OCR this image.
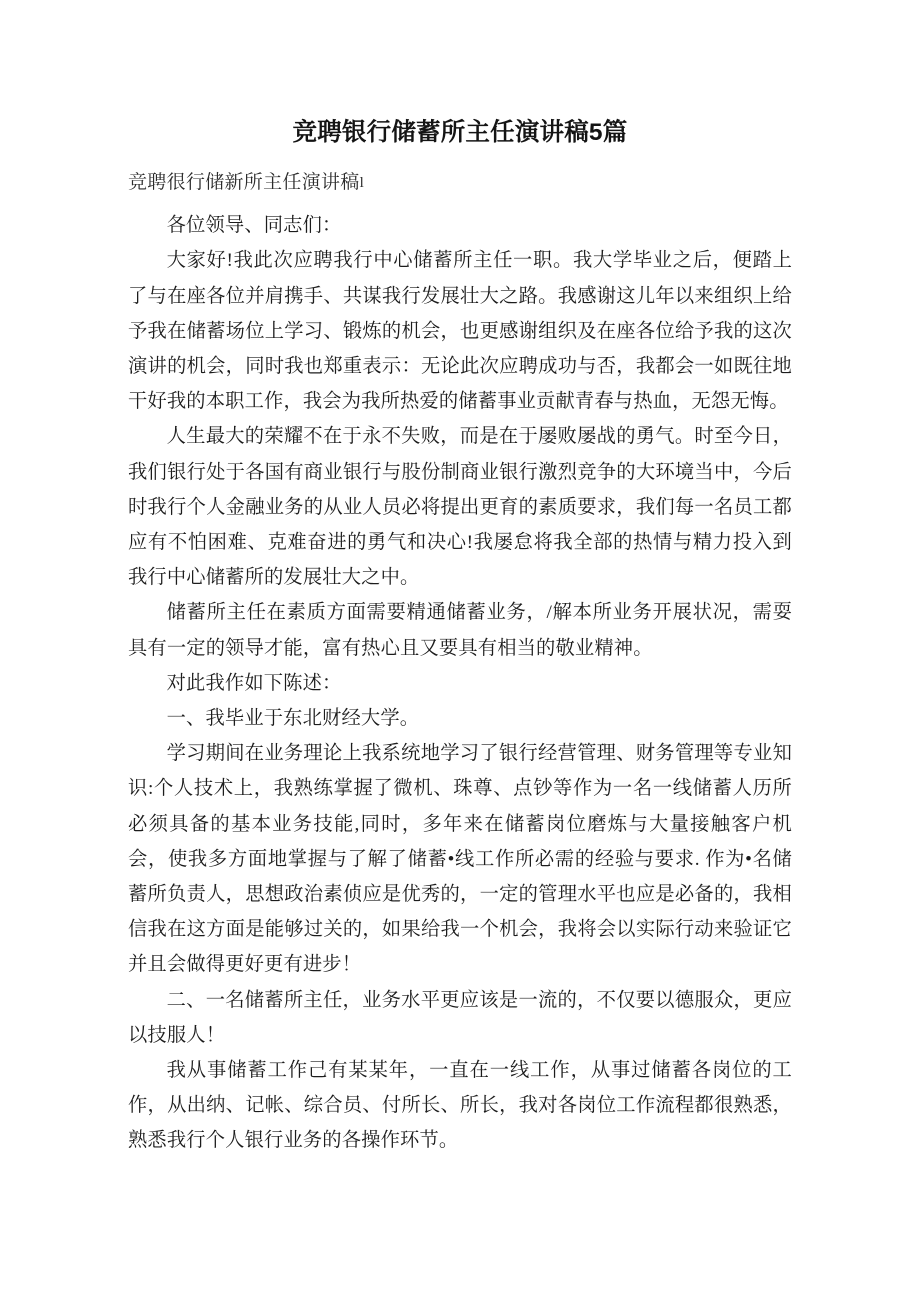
竞聘银行储蓄所主任演讲稿5篇
竞聘很行储新所主任演讲稿l

各位领导、同志们：

大家好!我此次应聘我行中心储蓄所主任一职。我大学毕业之后，便踏上了与在座各位并肩携手、共谋我行发展壮大之路。我感谢这儿年以来组织上给予我在储蓄场位上学习、锻炼的机会，也更感谢组织及在座各位给予我的这次演讲的机会，同时我也郑重表示：无论此次应聘成功与否，我都会一如既往地干好我的本职工作，我会为我所热爱的储蓄事业贡献青春与热血，无怨无悔。

人生最大的荣耀不在于永不失败，而是在于屡败屡战的勇气。时至今日，我们银行处于各国有商业银行与股份制商业银行激烈竞争的大环境当中，今后时我行个人金融业务的从业人员必将提出更育的素质要求，我们每一名员工都应有不怕困难、克难奋进的勇气和决心!我屡怠将我全部的热情与精力投入到我行中心储蓄所的发展壮大之中。

储蓄所主任在素质方面需要精通储蓄业务，/解本所业务开展状况，需耍具有一定的领导才能，富有热心且又要具有相当的敬业精神。

对此我作如下陈述：

一、我毕业于东北财经大学。

学习期间在业务理论上我系统地学习了银行经营管理、财务管理等专业知识:个人技术上，我熟练掌握了微机、珠尊、点钞等作为一名一线储蓄人历所必须具备的基本业务技能,同时，多年来在储蓄岗位磨炼与大量接触客户机会，使我多方面地掌握与了解了储蓄•线工作所必需的经验与要求. 作为•名储蓄所负责人，思想政治素侦应是优秀的，一定的管理水平也应是必备的，我相信我在这方面是能够过关的，如果给我一个机会，我将会以实际行动来验证它并且会做得更好更有进步！

二、一名储蓄所主任，业务水平更应该是一流的，不仅要以德服众，更应以技服人！

我从事储蓄工作己有某某年，一直在一线工作，从事过储蓄各岗位的工作，从出纳、记帐、综合员、付所长、所长，我对各岗位工作流程都很熟悉，熟悉我行个人银行业务的各操作环节。
